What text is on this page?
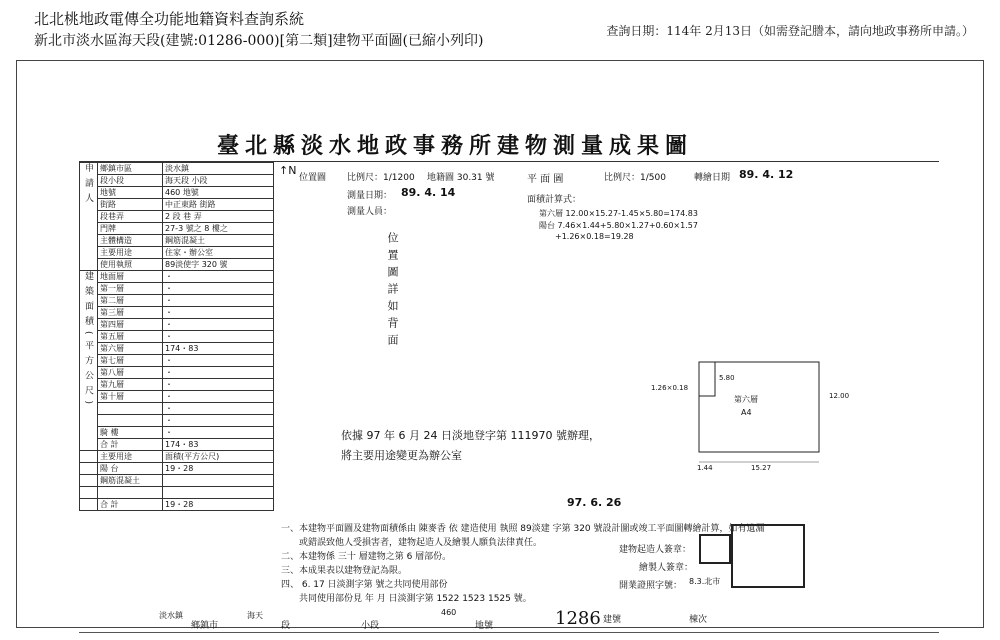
北北桃地政電傳全功能地籍資料查詢系統
新北市淡水區海天段(建號:01286-000)[第二類]建物平面圖(已縮小列印)
查詢日期：114年 2月13日（如需登記謄本，請向地政事務所申請。）
臺北縣淡水地政事務所建物測量成果圖
申請人	鄉鎮市區	淡水鎮
	段小段	海天段 小段
	地號	460 地號
	街路	中正東路 街路
	段巷弄	2 段 巷 弄
	門牌	27-3 號之 8 樓之
	主體構造	鋼筋混凝土
	主要用途	住家・辦公室
	使用執照	89淡使字 320 號
建築面積(平方公尺)	地面層	・
	第一層	・
	第二層	・
	第三層	・
	第四層	・
	第五層	・
	第六層	174・83
	第七層	・
	第八層	・
	第九層	・
	第十層	・
		・
		・
	騎 樓	・
	合 計	174・83
	主要用途	面積(平方公尺)
	陽 台	19・28
	鋼筋混凝土	

	合 計	19・28
↑N
位置圖 比例尺：1/1200 地籍圖 30.31 號
測量日期： 89. 4. 14
測量人員：
位置圖詳如背面
平 面 圖	比例尺：1/500	轉繪日期 89. 4. 12
面積計算式：
第六層 12.00×15.27-1.45×5.80=174.83
陽台 7.46×1.44+5.80×1.27+0.60×1.57
+1.26×0.18=19.28
第六層
A4
12.00
15.27
1.44
5.80
1.26×0.18
依據 97 年 6 月 24 日淡地登字第 111970 號辦理，將主要用途變更為辦公室
97. 6. 26
一、本建物平面圖及建物面積係由 陳麥香 依 建造使用 執照 89淡建 字第 320 號設計圖或竣工平面圖轉繪計算，如有遺漏
　　或錯誤致他人受損害者，建物起造人及繪製人願負法律責任。
二、本建物係 三十 層建物之第 6 層部份。
三、本成果表以建物登記為限。
四、 6. 17 日淡測字第 號之共同使用部份
　　共同使用部份見 年 月 日淡測字第 1522 1523 1525 號。
建物起造人簽章：
繪製人簽章：
開業證照字號： 8.3.北市
淡水鎮
鄉鎮市
海天
段	小段
460
地號	1286 建號	棟次
